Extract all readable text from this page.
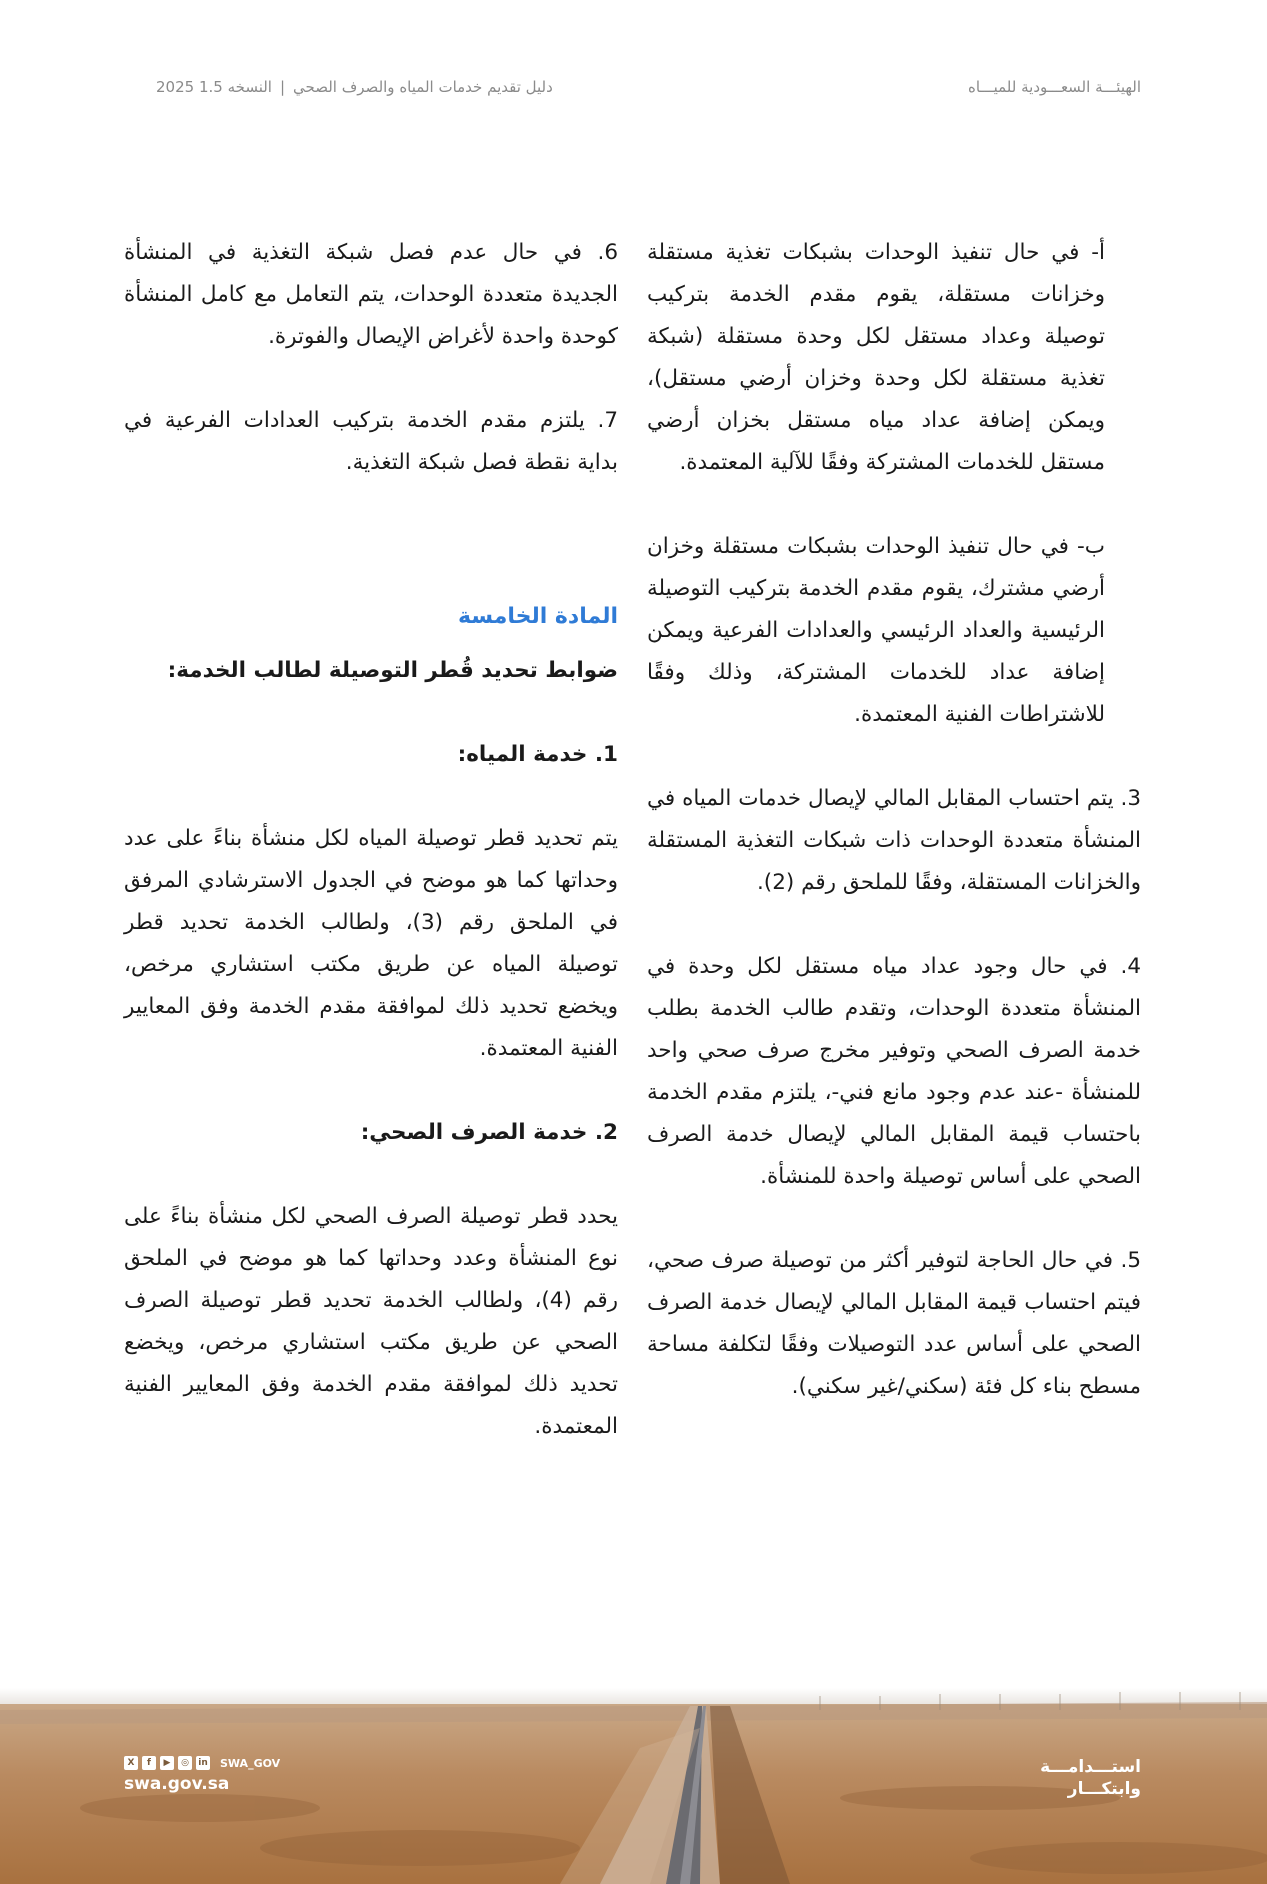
الهيئـــة السعـــودية للميـــاه
دليل تقديم خدمات المياه والصرف الصحي
|
النسخه 1.5 2025

أ- في حال تنفيذ الوحدات بشبكات تغذية مستقلة وخزانات مستقلة، يقوم مقدم الخدمة بتركيب توصيلة وعداد مستقل لكل وحدة مستقلة (شبكة تغذية مستقلة لكل وحدة وخزان أرضي مستقل)، ويمكن إضافة عداد مياه مستقل بخزان أرضي مستقل للخدمات المشتركة وفقًا للآلية المعتمدة.

ب- في حال تنفيذ الوحدات بشبكات مستقلة وخزان أرضي مشترك، يقوم مقدم الخدمة بتركيب التوصيلة الرئيسية والعداد الرئيسي والعدادات الفرعية ويمكن إضافة عداد للخدمات المشتركة، وذلك وفقًا للاشتراطات الفنية المعتمدة.

3. يتم احتساب المقابل المالي لإيصال خدمات المياه في المنشأة متعددة الوحدات ذات شبكات التغذية المستقلة والخزانات المستقلة، وفقًا للملحق رقم (2).

4. في حال وجود عداد مياه مستقل لكل وحدة في المنشأة متعددة الوحدات، وتقدم طالب الخدمة بطلب خدمة الصرف الصحي وتوفير مخرج صرف صحي واحد للمنشأة -عند عدم وجود مانع فني-، يلتزم مقدم الخدمة باحتساب قيمة المقابل المالي لإيصال خدمة الصرف الصحي على أساس توصيلة واحدة للمنشأة.

5. في حال الحاجة لتوفير أكثر من توصيلة صرف صحي، فيتم احتساب قيمة المقابل المالي لإيصال خدمة الصرف الصحي على أساس عدد التوصيلات وفقًا لتكلفة مساحة مسطح بناء كل فئة (سكني/غير سكني).

6. في حال عدم فصل شبكة التغذية في المنشأة الجديدة متعددة الوحدات، يتم التعامل مع كامل المنشأة كوحدة واحدة لأغراض الإيصال والفوترة.

7. يلتزم مقدم الخدمة بتركيب العدادات الفرعية في بداية نقطة فصل شبكة التغذية.

المادة الخامسة

ضوابط تحديد قُطر التوصيلة لطالب الخدمة:

1. خدمة المياه:

يتم تحديد قطر توصيلة المياه لكل منشأة بناءً على عدد وحداتها كما هو موضح في الجدول الاسترشادي المرفق في الملحق رقم (3)، ولطالب الخدمة تحديد قطر توصيلة المياه عن طريق مكتب استشاري مرخص، ويخضع تحديد ذلك لموافقة مقدم الخدمة وفق المعايير الفنية المعتمدة.

2. خدمة الصرف الصحي:

يحدد قطر توصيلة الصرف الصحي لكل منشأة بناءً على نوع المنشأة وعدد وحداتها كما هو موضح في الملحق رقم (4)، ولطالب الخدمة تحديد قطر توصيلة الصرف الصحي عن طريق مكتب استشاري مرخص، ويخضع تحديد ذلك لموافقة مقدم الخدمة وفق المعايير الفنية المعتمدة.

X	f	▶	◎	in SWA_GOV
swa.gov.sa
استـــدامـــة
وابتكـــار
